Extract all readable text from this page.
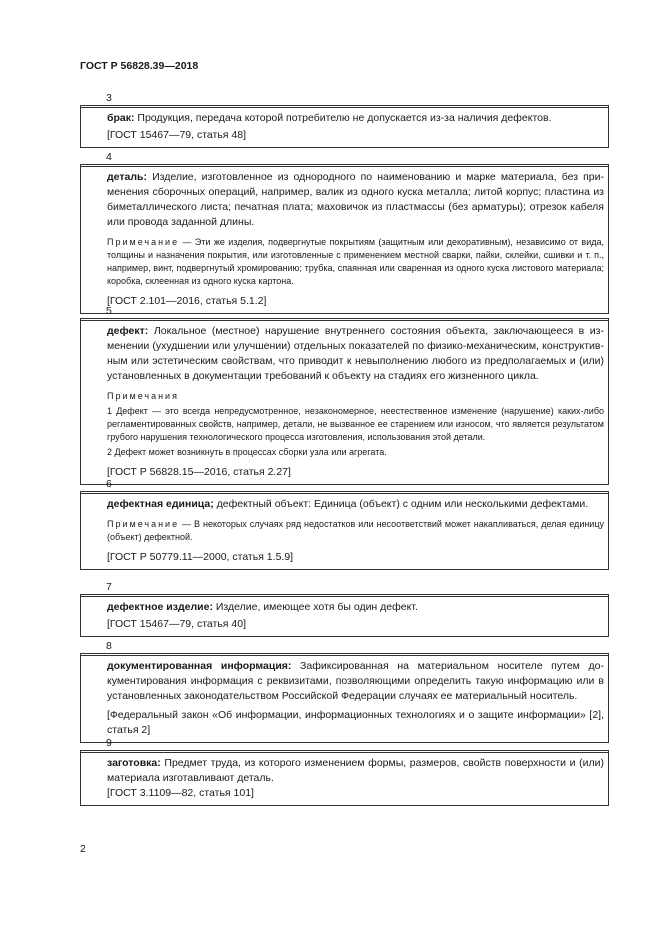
ГОСТ Р 56828.39—2018
3

брак: Продукция, передача которой потребителю не допускается из-за наличия дефектов.

[ГОСТ 15467—79, статья 48]
4

деталь: Изделие, изготовленное из однородного по наименованию и марке материала, без применения сборочных операций, например, валик из одного куска металла; литой корпус; пластина из биметаллического листа; печатная плата; маховичок из пластмассы (без арматуры); отрезок кабеля или провода заданной длины.

Примечание — Эти же изделия, подвергнутые покрытиям (защитным или декоративным), независимо от вида, толщины и назначения покрытия, или изготовленные с применением местной сварки, пайки, склейки, сшивки и т. п., например, винт, подвергнутый хромированию; трубка, спаянная или сваренная из одного куска листового материала; коробка, склеенная из одного куска картона.

[ГОСТ 2.101—2016, статья 5.1.2]
5

дефект: Локальное (местное) нарушение внутреннего состояния объекта, заключающееся в изменении (ухудшении или улучшении) отдельных показателей по физико-механическим, конструктивным или эстетическим свойствам, что приводит к невыполнению любого из предполагаемых и (или) установленных в документации требований к объекту на стадиях его жизненного цикла.

Примечания

1 Дефект — это всегда непредусмотренное, незакономерное, неестественное изменение (нарушение) каких-либо регламентированных свойств, например, детали, не вызванное ее старением или износом, что является результатом грубого нарушения технологического процесса изготовления, использования этой детали.

2 Дефект может возникнуть в процессах сборки узла или агрегата.

[ГОСТ Р 56828.15—2016, статья 2.27]
6

дефектная единица; дефектный объект: Единица (объект) с одним или несколькими дефектами.

Примечание — В некоторых случаях ряд недостатков или несоответствий может накапливаться, делая единицу (объект) дефектной.

[ГОСТ Р 50779.11—2000, статья 1.5.9]
7

дефектное изделие: Изделие, имеющее хотя бы один дефект.

[ГОСТ 15467—79, статья 40]
8

документированная информация: Зафиксированная на материальном носителе путем документирования информация с реквизитами, позволяющими определить такую информацию или в установленных законодательством Российской Федерации случаях ее материальный носитель.

[Федеральный закон «Об информации, информационных технологиях и о защите информации» [2], статья 2]
9

заготовка: Предмет труда, из которого изменением формы, размеров, свойств поверхности и (или) материала изготавливают деталь.

[ГОСТ 3.1109—82, статья 101]
2
